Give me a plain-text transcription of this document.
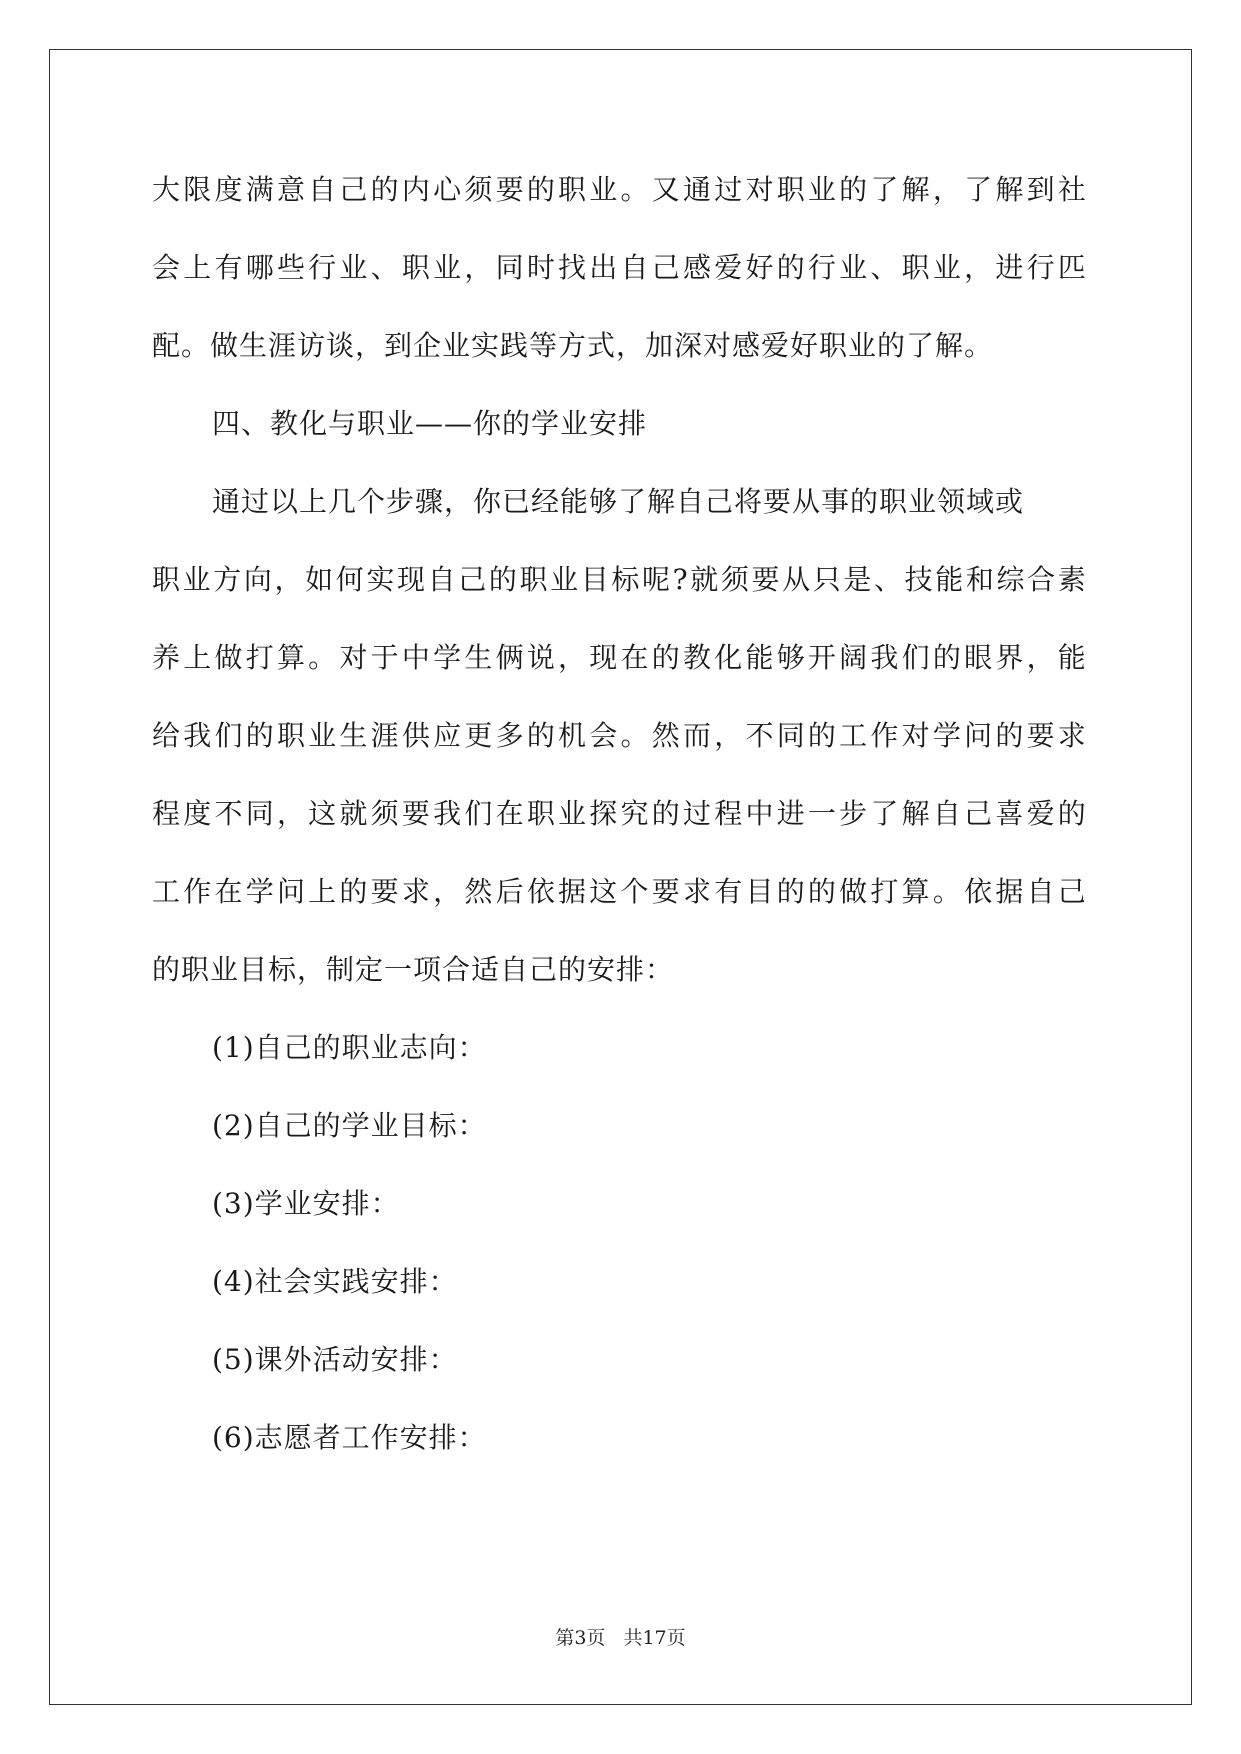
大 限 度 满 意 自 己 的 内 心 须 要 的 职 业 。 又 通 过 对 职 业 的 了 解 ， 了 解 到 社
会 上 有 哪 些 行 业 、 职 业 ， 同 时 找 出 自 己 感 爱 好 的 行 业 、 职 业 ， 进 行 匹
配。做生涯访谈，到企业实践等方式，加深对感爱好职业的了解。
四、教化与职业——你的学业安排
通过以上几个步骤，你已经能够了解自己将要从事的职业领域或
职 业 方 向 ， 如 何 实 现 自 己 的 职 业 目 标 呢 ? 就 须 要 从 只 是 、 技 能 和 综 合 素
养 上 做 打 算 。 对 于 中 学 生 俩 说 ， 现 在 的 教 化 能 够 开 阔 我 们 的 眼 界 ， 能
给 我 们 的 职 业 生 涯 供 应 更 多 的 机 会 。 然 而 ， 不 同 的 工 作 对 学 问 的 要 求
程 度 不 同 ， 这 就 须 要 我 们 在 职 业 探 究 的 过 程 中 进 一 步 了 解 自 己 喜 爱 的
工 作 在 学 问 上 的 要 求 ， 然 后 依 据 这 个 要 求 有 目 的 的 做 打 算 。 依 据 自 己
的职业目标，制定一项合适自己的安排：
(1)自己的职业志向：
(2)自己的学业目标：
(3)学业安排：
(4)社会实践安排：
(5)课外活动安排：
(6)志愿者工作安排：
第3页 共17页
